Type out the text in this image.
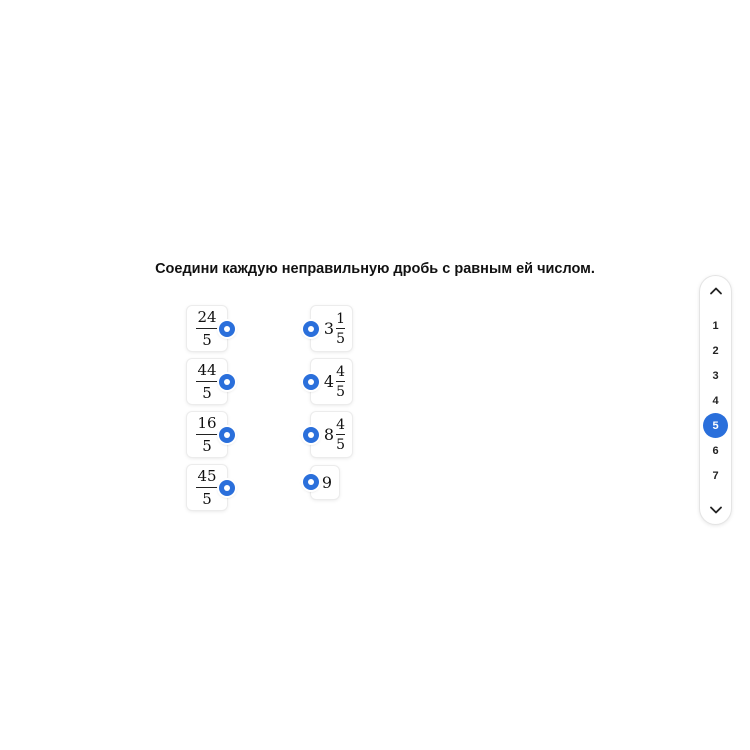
Соедини каждую неправильную дробь с равным ей числом.
$\frac{24}{5}$
$\frac{44}{5}$
$\frac{16}{5}$
$\frac{45}{5}$
$3 \frac{1}{5}$
$4 \frac{4}{5}$
$8 \frac{4}{5}$
9
1
2
3
4
5
6
7
